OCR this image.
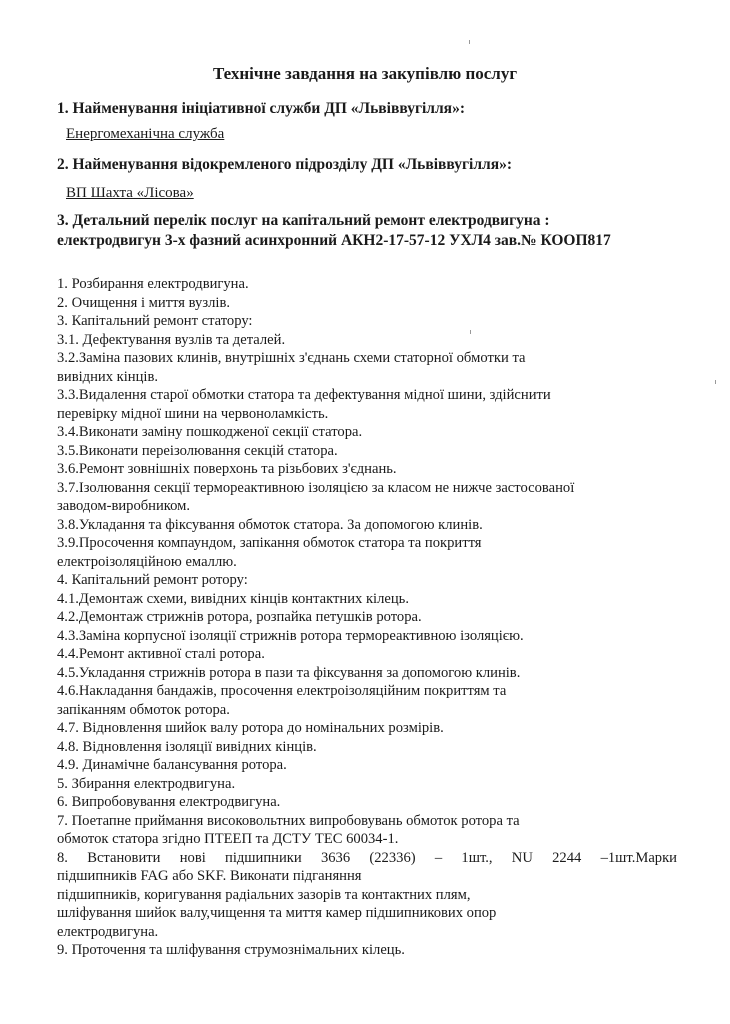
Технічне завдання на закупівлю послуг
1. Найменування ініціативної служби ДП «Львіввугілля»:
Енергомеханічна служба
2. Найменування відокремленого підрозділу ДП «Львіввугілля»:
ВП Шахта «Лісова»
3. Детальний перелік послуг на капітальний ремонт електродвигуна :
електродвигун 3-х фазний асинхронний АКН2-17-57-12 УХЛ4 зав.№ КООП817
1. Розбирання електродвигуна.
2. Очищення і миття вузлів.
3. Капітальний ремонт статору:
3.1. Дефектування вузлів та деталей.
3.2.Заміна пазових клинів, внутрішніх з'єднань схеми статорної обмотки та
вивідних кінців.
3.3.Видалення старої обмотки статора та дефектування мідної шини, здійснити
перевірку мідної шини на червоноламкість.
3.4.Виконати заміну пошкодженої секції статора.
3.5.Виконати переізолювання секцій статора.
3.6.Ремонт зовнішніх поверхонь та різьбових з'єднань.
3.7.Ізолювання секції термореактивною ізоляцією за класом не нижче застосованої
заводом-виробником.
3.8.Укладання та фіксування обмоток статора. За допомогою клинів.
3.9.Просочення компаундом, запікання обмоток статора та покриття
електроізоляційною емаллю.
4. Капітальний ремонт ротору:
4.1.Демонтаж схеми, вивідних кінців контактних кілець.
4.2.Демонтаж стрижнів ротора, розпайка петушків ротора.
4.3.Заміна корпусної ізоляції стрижнів ротора термореактивною ізоляцією.
4.4.Ремонт активної сталі ротора.
4.5.Укладання стрижнів ротора в пази та фіксування за допомогою клинів.
4.6.Накладання бандажів, просочення електроізоляційним покриттям та
запіканням обмоток ротора.
4.7. Відновлення шийок валу ротора до номінальних розмірів.
4.8. Відновлення ізоляції вивідних кінців.
4.9. Динамічне балансування ротора.
5. Збирання електродвигуна.
6. Випробовування електродвигуна.
7. Поетапне приймання високовольтних випробовувань обмоток ротора та
обмоток статора згідно ПТЕЕП та ДСТУ ТЕС 60034-1.
8. Встановити нові підшипники 3636 (22336) – 1шт., NU 2244 –1шт.Марки
підшипників FAG або SKF. Виконати підганяння
підшипників, коригування радіальних зазорів та контактних плям,
шліфування шийок валу,чищення та миття камер підшипникових опор
електродвигуна.
9. Проточення та шліфування струмознімальних кілець.
